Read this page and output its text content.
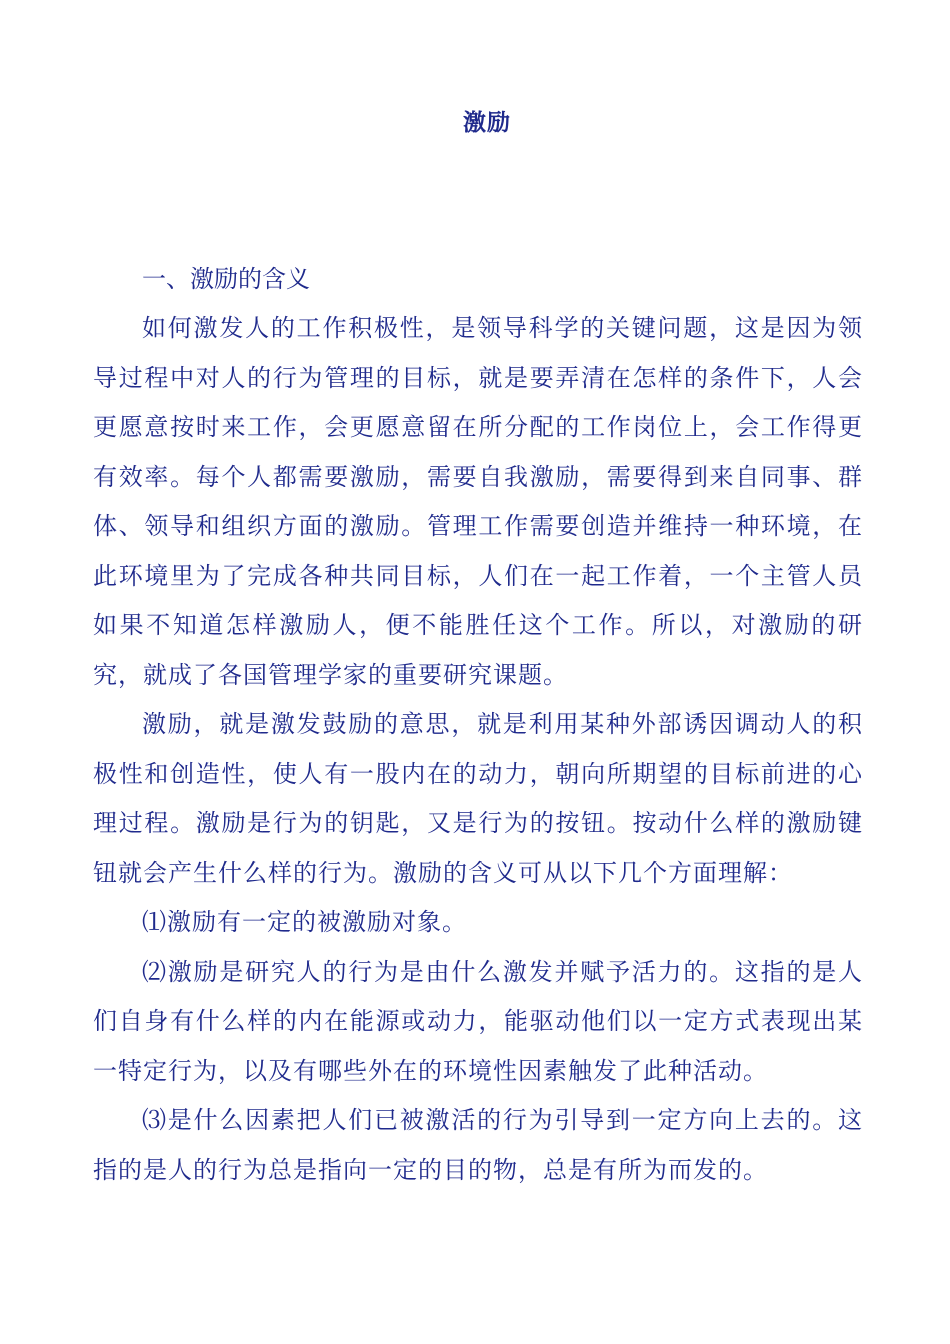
激励

一、激励的含义

如何激发人的工作积极性，是领导科学的关键问题，这是因为领导过程中对人的行为管理的目标，就是要弄清在怎样的条件下，人会更愿意按时来工作，会更愿意留在所分配的工作岗位上，会工作得更有效率。每个人都需要激励，需要自我激励，需要得到来自同事、群体、领导和组织方面的激励。管理工作需要创造并维持一种环境，在此环境里为了完成各种共同目标，人们在一起工作着，一个主管人员如果不知道怎样激励人，便不能胜任这个工作。所以，对激励的研究，就成了各国管理学家的重要研究课题。

激励，就是激发鼓励的意思，就是利用某种外部诱因调动人的积极性和创造性，使人有一股内在的动力，朝向所期望的目标前进的心理过程。激励是行为的钥匙，又是行为的按钮。按动什么样的激励键钮就会产生什么样的行为。激励的含义可从以下几个方面理解：

⑴激励有一定的被激励对象。

⑵激励是研究人的行为是由什么激发并赋予活力的。这指的是人们自身有什么样的内在能源或动力，能驱动他们以一定方式表现出某一特定行为，以及有哪些外在的环境性因素触发了此种活动。

⑶是什么因素把人们已被激活的行为引导到一定方向上去的。这指的是人的行为总是指向一定的目的物，总是有所为而发的。
